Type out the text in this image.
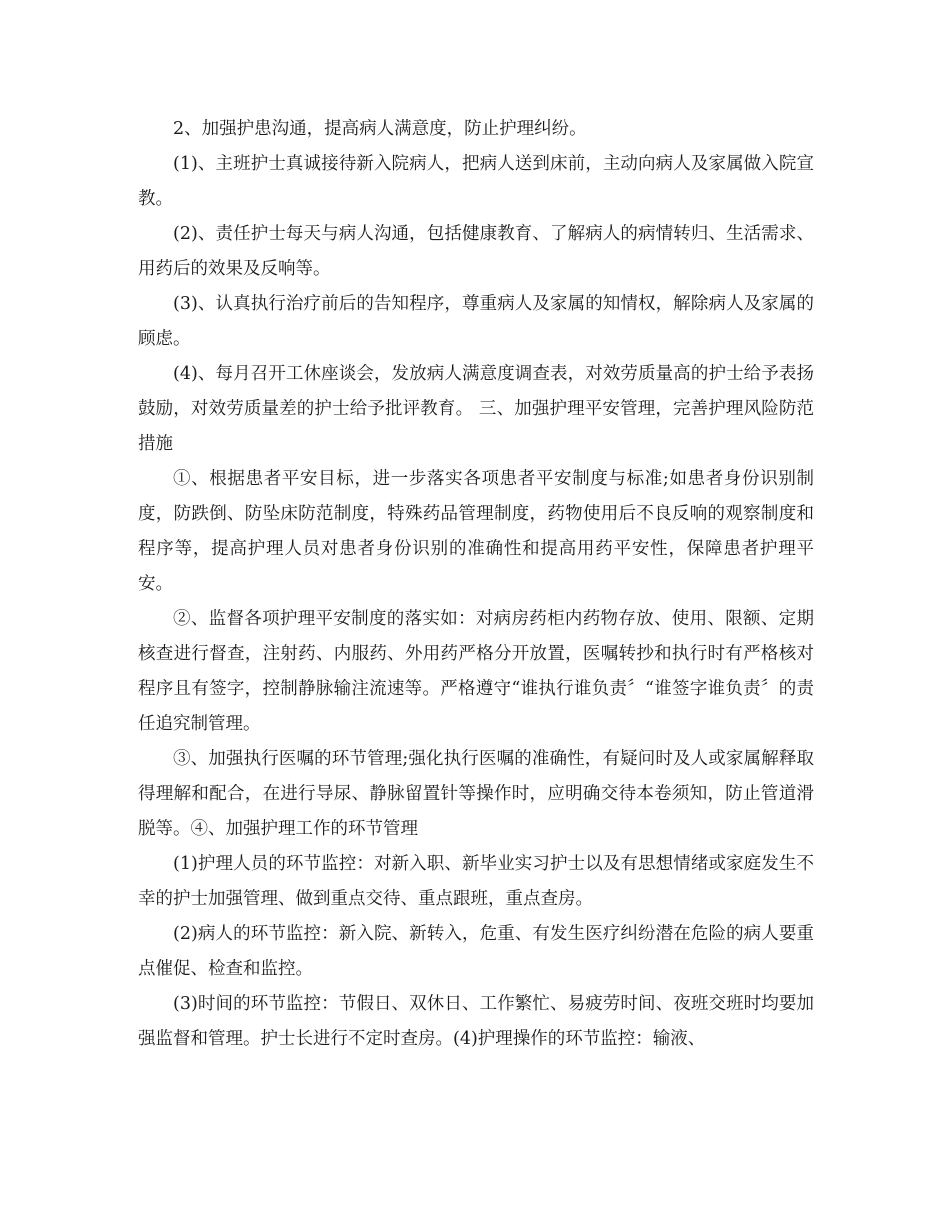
2、加强护患沟通，提高病人满意度，防止护理纠纷。

(1)、主班护士真诚接待新入院病人，把病人送到床前，主动向病人及家属做入院宣教。

(2)、责任护士每天与病人沟通，包括健康教育、了解病人的病情转归、生活需求、用药后的效果及反响等。

(3)、认真执行治疗前后的告知程序，尊重病人及家属的知情权，解除病人及家属的顾虑。

(4)、每月召开工休座谈会，发放病人满意度调查表，对效劳质量高的护士给予表扬鼓励，对效劳质量差的护士给予批评教育。 三、加强护理平安管理，完善护理风险防范措施

①、根据患者平安目标，进一步落实各项患者平安制度与标准;如患者身份识别制度，防跌倒、防坠床防范制度，特殊药品管理制度，药物使用后不良反响的观察制度和程序等，提高护理人员对患者身份识别的准确性和提高用药平安性，保障患者护理平安。

②、监督各项护理平安制度的落实如：对病房药柜内药物存放、使用、限额、定期核查进行督查，注射药、内服药、外用药严格分开放置，医嘱转抄和执行时有严格核对程序且有签字，控制静脉输注流速等。严格遵守“谁执行谁负责〞“谁签字谁负责〞的责任追究制管理。

③、加强执行医嘱的环节管理;强化执行医嘱的准确性，有疑问时及人或家属解释取得理解和配合，在进行导尿、静脉留置针等操作时，应明确交待本卷须知，防止管道滑脱等。④、加强护理工作的环节管理

(1)护理人员的环节监控：对新入职、新毕业实习护士以及有思想情绪或家庭发生不幸的护士加强管理、做到重点交待、重点跟班，重点查房。

(2)病人的环节监控：新入院、新转入，危重、有发生医疗纠纷潜在危险的病人要重点催促、检查和监控。

(3)时间的环节监控：节假日、双休日、工作繁忙、易疲劳时间、夜班交班时均要加强监督和管理。护士长进行不定时查房。(4)护理操作的环节监控：输液、
